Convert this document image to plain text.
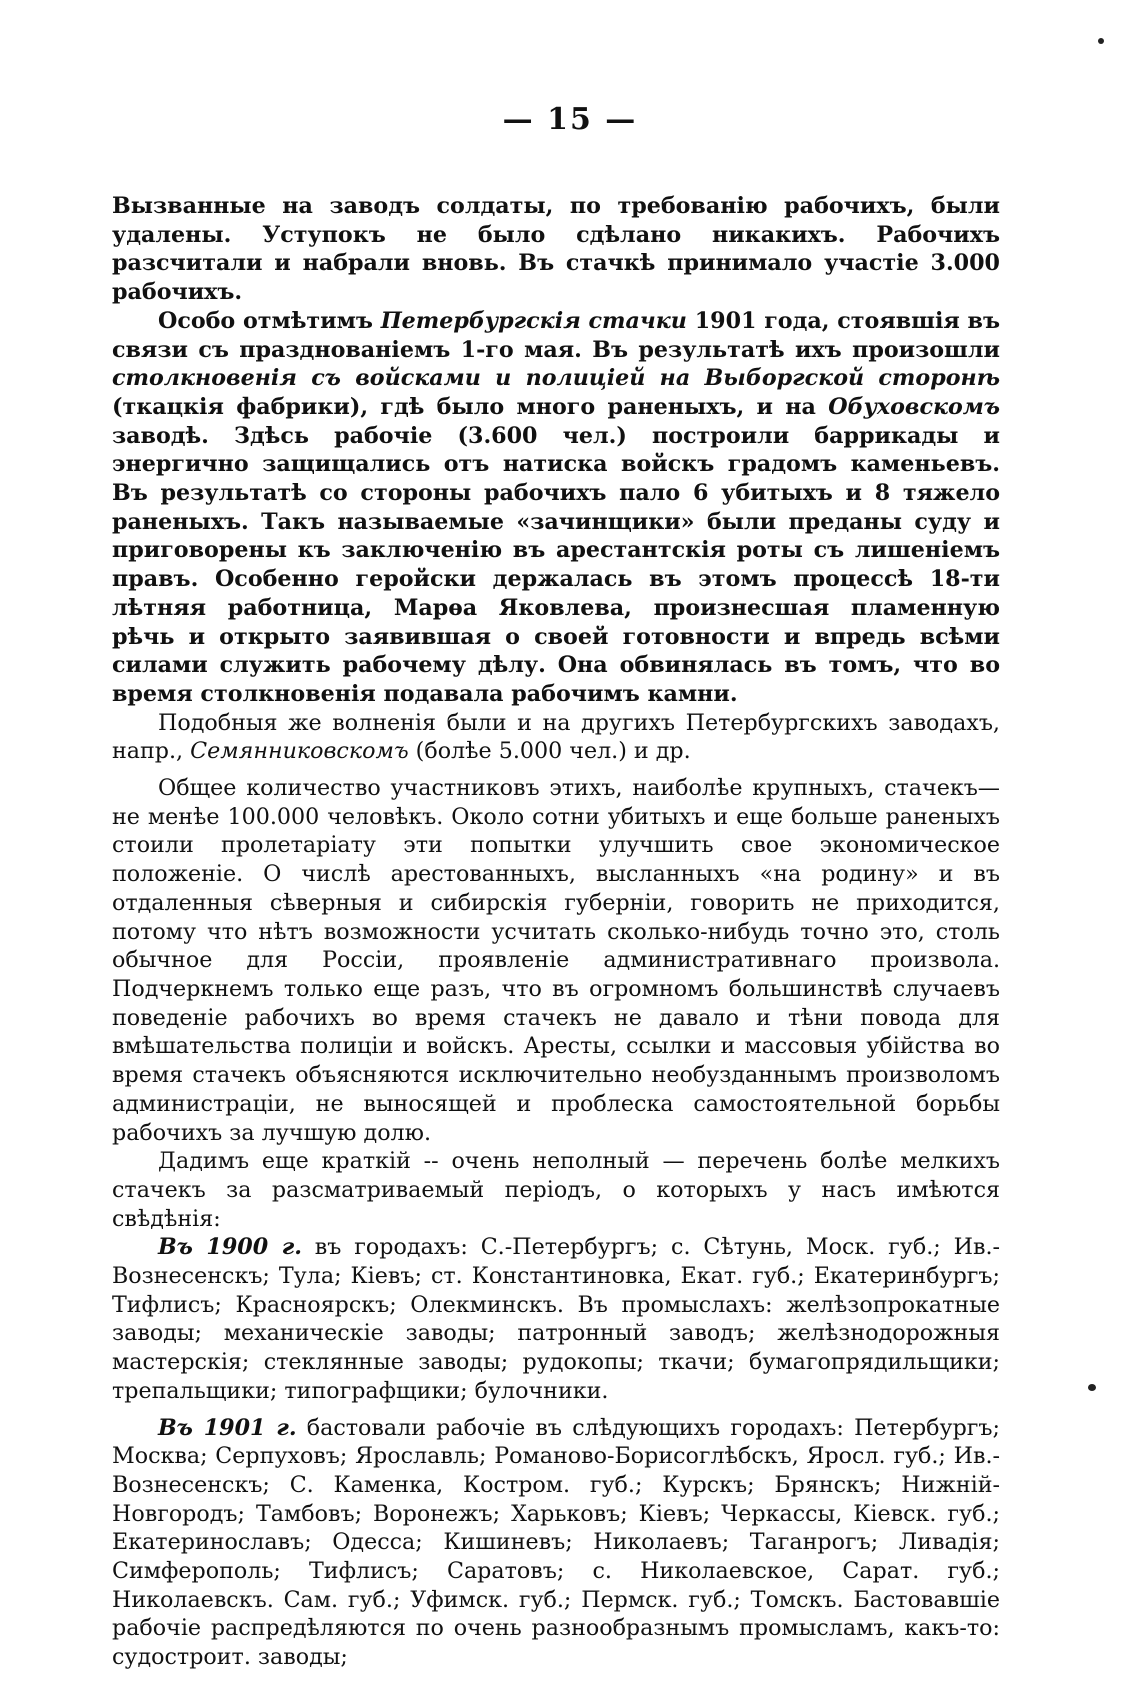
— 15 —

Вызванные на заводъ солдаты, по требованію рабочихъ, были удалены. Уступокъ не было сдѣлано никакихъ. Рабочихъ разсчитали и набрали вновь. Въ стачкѣ принимало участіе 3.000 рабочихъ.

Особо отмѣтимъ Петербургскія стачки 1901 года, стоявшія въ связи съ празднованіемъ 1-го мая. Въ результатѣ ихъ произошли столкновенія съ войсками и полиціей на Выборгской сторонѣ (ткацкія фабрики), гдѣ было много раненыхъ, и на Обуховскомъ заводѣ. Здѣсь рабочіе (3.600 чел.) построили баррикады и энергично защищались отъ натиска войскъ градомъ каменьевъ. Въ результатѣ со стороны рабочихъ пало 6 убитыхъ и 8 тяжело раненыхъ. Такъ называемые «зачинщики» были преданы суду и приговорены къ заключенію въ арестантскія роты съ лишеніемъ правъ. Особенно геройски держалась въ этомъ процессѣ 18-ти лѣтняя работница, Марѳа Яковлева, произнесшая пламенную рѣчь и открыто заявившая о своей готовности и впредь всѣми силами служить рабочему дѣлу. Она обвинялась въ томъ, что во время столкновенія подавала рабочимъ камни.

Подобныя же волненія были и на другихъ Петербургскихъ заводахъ, напр., Семянниковскомъ (болѣе 5.000 чел.) и др.

Общее количество участниковъ этихъ, наиболѣе крупныхъ, стачекъ—не менѣе 100.000 человѣкъ. Около сотни убитыхъ и еще больше раненыхъ стоили пролетаріату эти попытки улучшить свое экономическое положеніе. О числѣ арестованныхъ, высланныхъ «на родину» и въ отдаленныя сѣверныя и сибирскія губерніи, говорить не приходится, потому что нѣтъ возможности усчитать сколько-нибудь точно это, столь обычное для Россіи, проявленіе административнаго произвола. Подчеркнемъ только еще разъ, что въ огромномъ большинствѣ случаевъ поведеніе рабочихъ во время стачекъ не давало и тѣни повода для вмѣшательства полиціи и войскъ. Аресты, ссылки и массовыя убійства во время стачекъ объясняются исключительно необузданнымъ произволомъ администраціи, не выносящей и проблеска самостоятельной борьбы рабочихъ за лучшую долю.

Дадимъ еще краткій -- очень неполный — перечень болѣе мелкихъ стачекъ за разсматриваемый періодъ, о которыхъ у насъ имѣются свѣдѣнія:

Въ 1900 г. въ городахъ: С.-Петербургъ; с. Сѣтунь, Моск. губ.; Ив.-Вознесенскъ; Тула; Кіевъ; ст. Константиновка, Екат. губ.; Екатеринбургъ; Тифлисъ; Красноярскъ; Олекминскъ. Въ промыслахъ: желѣзопрокатные заводы; механическіе заводы; патронный заводъ; желѣзнодорожныя мастерскія; стеклянные заводы; рудокопы; ткачи; бумагопрядильщики; трепальщики; типографщики; булочники.

Въ 1901 г. бастовали рабочіе въ слѣдующихъ городахъ: Петербургъ; Москва; Серпуховъ; Ярославль; Романово-Борисоглѣбскъ, Яросл. губ.; Ив.-Вознесенскъ; С. Каменка, Костром. губ.; Курскъ; Брянскъ; Нижній-Новгородъ; Тамбовъ; Воронежъ; Харьковъ; Кіевъ; Черкассы, Кіевск. губ.; Екатеринославъ; Одесса; Кишиневъ; Николаевъ; Таганрогъ; Ливадія; Симферополь; Тифлисъ; Саратовъ; с. Николаевское, Сарат. губ.; Николаевскъ. Сам. губ.; Уфимск. губ.; Пермск. губ.; Томскъ. Бастовавшіе рабочіе распредѣляются по очень разнообразнымъ промысламъ, какъ-то: судостроит. заводы;
